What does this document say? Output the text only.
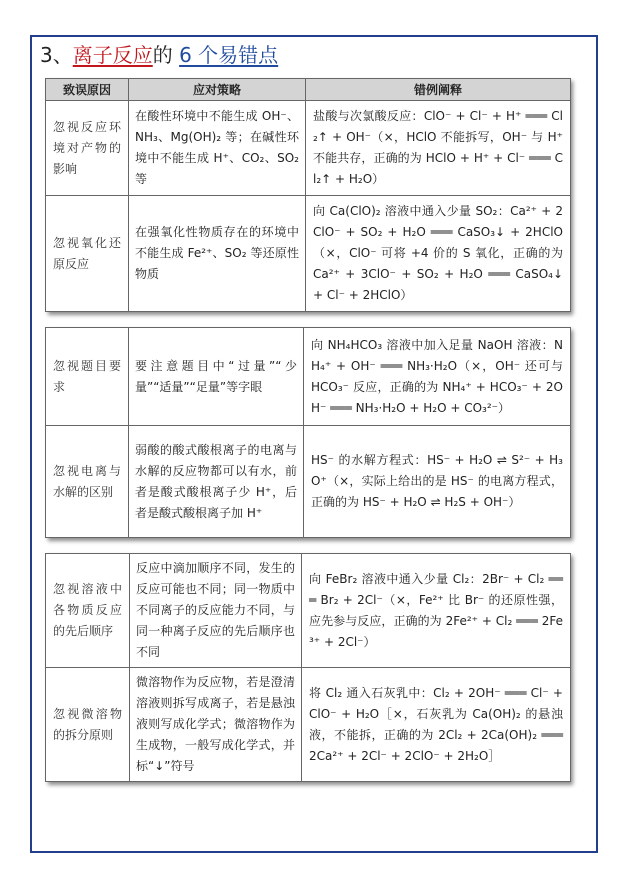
3、离子反应的 6 个易错点
致误原因	应对策略	错例阐释
忽视反应环境对产物的影响	在酸性环境中不能生成 OH⁻、NH₃、Mg(OH)₂ 等；在碱性环境中不能生成 H⁺、CO₂、SO₂ 等	盐酸与次氯酸反应：ClO⁻ + Cl⁻ + H⁺ ═══ Cl₂↑ + OH⁻（×，HClO 不能拆写，OH⁻ 与 H⁺ 不能共存，正确的为 HClO + H⁺ + Cl⁻ ═══ Cl₂↑ + H₂O）
忽视氧化还原反应	在强氧化性物质存在的环境中不能生成 Fe²⁺、SO₂ 等还原性物质	向 Ca(ClO)₂ 溶液中通入少量 SO₂：Ca²⁺ + 2ClO⁻ + SO₂ + H₂O ═══ CaSO₃↓ + 2HClO（×，ClO⁻ 可将 +4 价的 S 氧化，正确的为 Ca²⁺ + 3ClO⁻ + SO₂ + H₂O ═══ CaSO₄↓ + Cl⁻ + 2HClO）
忽视题目要求	要注意题目中“过量”“少量”“适量”“足量”等字眼	向 NH₄HCO₃ 溶液中加入足量 NaOH 溶液：NH₄⁺ + OH⁻ ═══ NH₃·H₂O（×，OH⁻ 还可与 HCO₃⁻ 反应，正确的为 NH₄⁺ + HCO₃⁻ + 2OH⁻ ═══ NH₃·H₂O + H₂O + CO₃²⁻）
忽视电离与水解的区别	弱酸的酸式酸根离子的电离与水解的反应物都可以有水，前者是酸式酸根离子少 H⁺，后者是酸式酸根离子加 H⁺	HS⁻ 的水解方程式：HS⁻ + H₂O ⇌ S²⁻ + H₃O⁺（×，实际上给出的是 HS⁻ 的电离方程式，正确的为 HS⁻ + H₂O ⇌ H₂S + OH⁻）
忽视溶液中各物质反应的先后顺序	反应中滴加顺序不同，发生的反应可能也不同；同一物质中不同离子的反应能力不同，与同一种离子反应的先后顺序也不同	向 FeBr₂ 溶液中通入少量 Cl₂：2Br⁻ + Cl₂ ═══ Br₂ + 2Cl⁻（×，Fe²⁺ 比 Br⁻ 的还原性强，应先参与反应，正确的为 2Fe²⁺ + Cl₂ ═══ 2Fe³⁺ + 2Cl⁻）
忽视微溶物的拆分原则	微溶物作为反应物，若是澄清溶液则拆写成离子，若是悬浊液则写成化学式；微溶物作为生成物，一般写成化学式，并标“↓”符号	将 Cl₂ 通入石灰乳中：Cl₂ + 2OH⁻ ═══ Cl⁻ + ClO⁻ + H₂O［×，石灰乳为 Ca(OH)₂ 的悬浊液，不能拆，正确的为 2Cl₂ + 2Ca(OH)₂ ═══ 2Ca²⁺ + 2Cl⁻ + 2ClO⁻ + 2H₂O］
